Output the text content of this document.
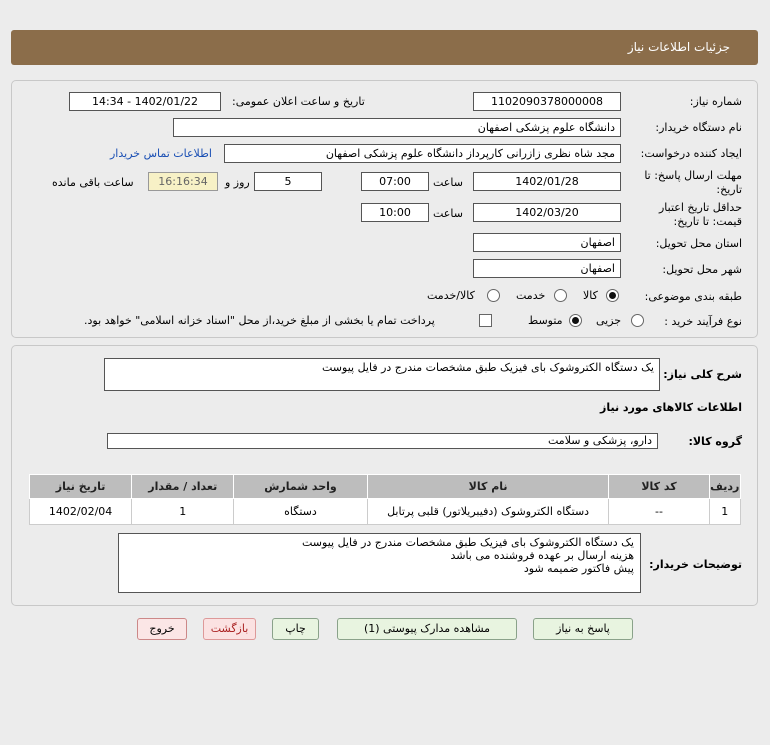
جزئیات اطلاعات نیاز
شماره نیاز:
1102090378000008
تاریخ و ساعت اعلان عمومی:
1402/01/22 - 14:34
نام دستگاه خریدار:
دانشگاه علوم پزشکی اصفهان
ایجاد کننده درخواست:
مجد شاه نظری زازرانی کارپرداز دانشگاه علوم پزشکی اصفهان
اطلاعات تماس خریدار
مهلت ارسال پاسخ: تا
تاریخ:
1402/01/28
ساعت
07:00
5
روز و
16:16:34
ساعت باقی مانده
حداقل تاریخ اعتبار
قیمت: تا تاریخ:
1402/03/20
ساعت
10:00
استان محل تحویل:
اصفهان
شهر محل تحویل:
اصفهان
طبقه بندی موضوعی:
کالا
خدمت
کالا/خدمت
نوع فرآیند خرید :
جزیی
متوسط
پرداخت تمام یا بخشی از مبلغ خرید،از محل "اسناد خزانه اسلامی" خواهد بود.
شرح کلی نیاز:
یک دستگاه الکتروشوک بای فیزیک طبق مشخصات مندرج در فایل پیوست
اطلاعات کالاهای مورد نیاز
گروه کالا:
دارو، پزشکی و سلامت
ردیف	کد کالا	نام کالا	واحد شمارش	تعداد / مقدار	تاریخ نیاز
1	--	دستگاه الکتروشوک (دفیبریلاتور) قلبی پرتابل	دستگاه	1	1402/02/04
توضیحات خریدار:
یک دستگاه الکتروشوک بای فیزیک طبق مشخصات مندرج در فایل پیوست
هزینه ارسال بر عهده فروشنده می باشد
پیش فاکتور ضمیمه شود
پاسخ به نیاز
مشاهده مدارک پیوستی (1)
چاپ
بازگشت
خروج
